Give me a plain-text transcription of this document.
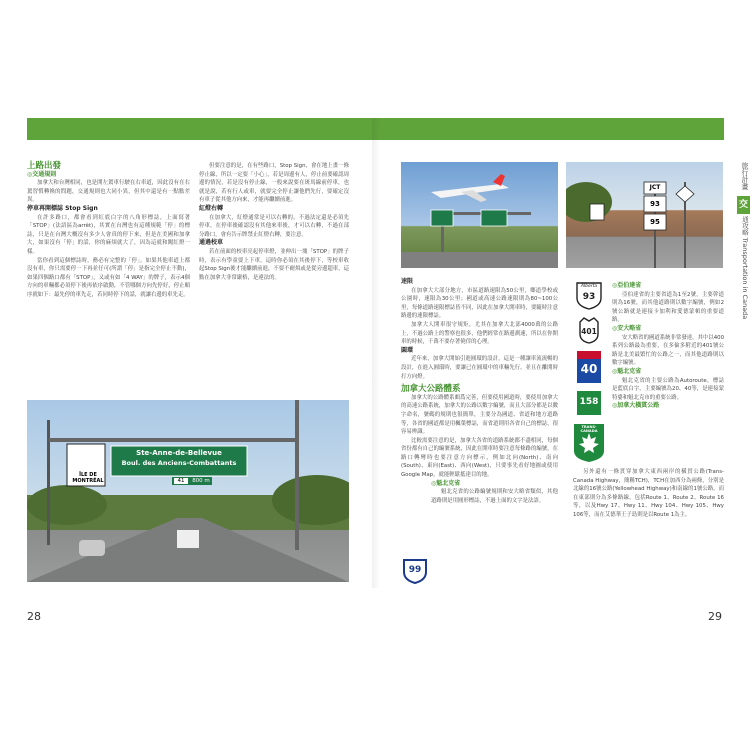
上路出發
◎交通規則

加拿大和台灣相同，也是開左駕車行駛在右車道，因此沒有在右駕習慣轉換的問題，交通規則也大同小異，但其中還是有一點點差異。

停車再開標誌 Stop Sign

在許多路口，都會看到紅底白字的八角形標誌，上面寫著「STOP」(法語區為arrêt)，其實在台灣也有這種規範「停」的標誌，只是在台灣大概沒有多少人會真的停下來，但是在美國和加拿大，如果沒有「停」的話，你的麻煩就大了，因為這就和闖紅燈一樣。

當你看到這個標誌時，務必有完整的「停」。如果其他車道上都沒有車，你只需要停一下再並仔可(所謂「停」是指完全停止不動)，如果四個路口都有「STOP」，又或有如「4 WAY」的牌子，表示4個方向的車輛都必須停下後再依序啟動，不管哪個方向先停好，停止順序就如下：最先停的車先走，若同時停下的話，就讓右邊的車先走。

但要注意的是，在有些路口，Stop Sign，會在地上畫一條停止線，所以一定要「小心」，若是周邊有人，停止前要確認周邊的情況，若是沒有停止線，一般來說要在斑馬線前停車，也就是說，若有行人或車，就要完全停止讓他們先行，要確定沒有車子從其他方向來，才能再繼續前進。

紅燈右轉

在加拿大，紅燈通常是可以右轉的，不過法定還是必須先停車，在停車後確認沒有其他來車後，才可以右轉，不過在部分路口，會有告示牌禁止紅燈右轉，要注意。

通過校車

若在前面的校車亮起停車燈，並伸出一塊「STOP」的牌子時，表示有學童要上下車，這時你必須在其後停下，等校車收起Stop Sign後才能繼續前進，不要不耐煩或是從旁邊超車，這點在加拿大非常嚴格，是違法的。

ÎLE DE MONTRÉAL
Ste-Anne-de-Bellevue
Boul. des Anciens-Combattants
41	800 m
JCT
93
95
速限

在加拿大大部分地方，市區道路速限為50公里，鄉道學校或公園時，速限為30公里；國道或高速公路速限則為80~100公里，每條道路速限標誌皆不同，因此在加拿大開車時，要隨時注意路邊的速限標誌。

加拿大人開車很守規矩，尤其在加拿大北部4000萬的公路上，不過公路上的警察也很多，他們經常在路邊測速，所以在你開車的時候，千萬不要存著僥倖的心理。

圓環

近年來，加拿大開始引進圓環的設計，這是一種讓車流流暢的設計，在進入圓環時，要讓已在圓環中的車輛先行，並且在離開時打方向燈。

加拿大公路體系

加拿大的公路體系頗爲完善，但要使用國道時，要使用加拿大的高速公路系統，加拿大的公路以數字編號，而且大部分都是以數字命名，號碼的規則也很簡單，主要分為國道、省道和地方道路等，各省的國道都是用楓葉標誌，而省道則用各省自己的標誌，很容易辨識。

比較需要注意的是，加拿大各省的道路系統都不盡相同，每個省份都有自己的編號系統，因此在開車時要注意每條路的編號，在路口轉彎時也要注意方向標示，例如北向(North)、南向(South)、東向(East)、西向(West)，只要事先看好地圖或使用Google Map，就能輕鬆抵達目的地。

◎魁北克省

魁北克省的公路編號規則和安大略省類似，其他道路則是用圓形標誌，不過上面的文字是法語。

99
Alberta
93
401
40
158
TRANS-CANADA
◎亞伯達省

亞伯達省的主要省道為1至2號，主要幹道則為16號，而其他道路則以數字編號，例如2號公路就是連接卡加利和愛德蒙頓的重要道路。

◎安大略省

安大略省的國道系統非常發達，其中以400系列公路最為重要，在多倫多附近的401號公路是北美最繁忙的公路之一，而其他道路則以數字編號。

◎魁北克省

魁北克省的主要公路為Autoroute，標誌是藍底白字，主要編號為20、40等，是連接蒙特婁和魁北克市的重要公路。

◎加拿大橫貫公路

另外還有一條貫穿加拿大東西兩岸的橫貫公路(Trans-Canada Highway，簡稱TCH)，TCH在加西分為兩條，分別是北線的16號公路(Yellowhead Highway)和南線的1號公路，而在東部則分為多條路線，包括Route 1、Route 2、Route 16等，以及Hwy 17、Hwy 11、Hwy 104、Hwy 105、Hwy 106等，而在艾德華王子島則是以Route 1為主。

旅行計畫
交
通攻略 Transportation in Canada
28	29
